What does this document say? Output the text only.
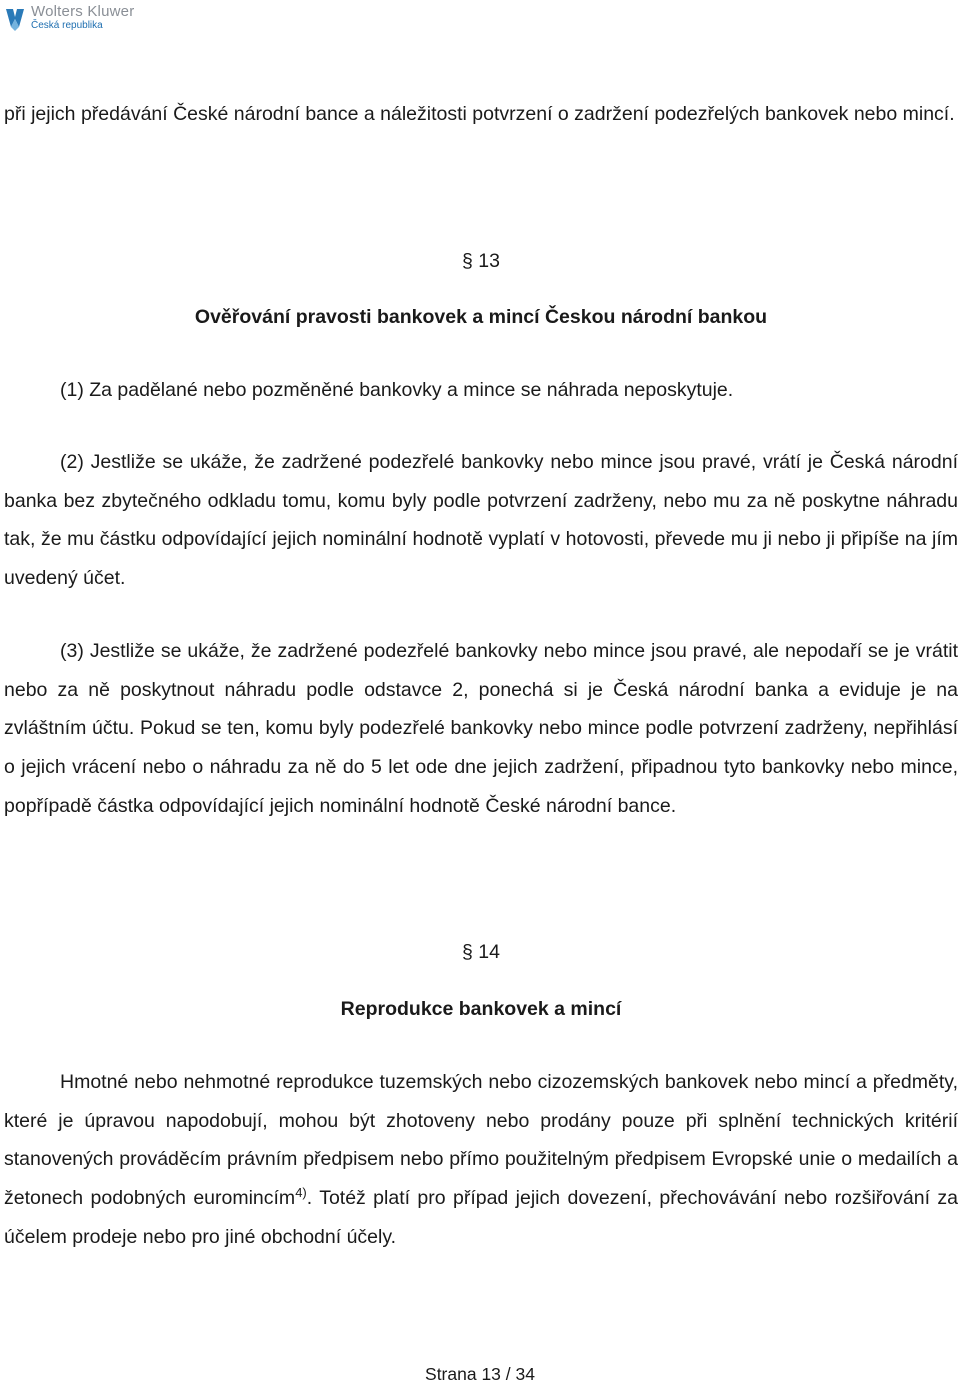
Wolters Kluwer
Česká republika

při jejich předávání České národní bance a náležitosti potvrzení o zadržení podezřelých bankovek nebo mincí.

§ 13

Ověřování pravosti bankovek a mincí Českou národní bankou

(1) Za padělané nebo pozměněné bankovky a mince se náhrada neposkytuje.

(2) Jestliže se ukáže, že zadržené podezřelé bankovky nebo mince jsou pravé, vrátí je Česká národní banka bez zbytečného odkladu tomu, komu byly podle potvrzení zadrženy, nebo mu za ně poskytne náhradu tak, že mu částku odpovídající jejich nominální hodnotě vyplatí v hotovosti, převede mu ji nebo ji připíše na jím uvedený účet.

(3) Jestliže se ukáže, že zadržené podezřelé bankovky nebo mince jsou pravé, ale nepodaří se je vrátit nebo za ně poskytnout náhradu podle odstavce 2, ponechá si je Česká národní banka a eviduje je na zvláštním účtu. Pokud se ten, komu byly podezřelé bankovky nebo mince podle potvrzení zadrženy, nepřihlásí o jejich vrácení nebo o náhradu za ně do 5 let ode dne jejich zadržení, připadnou tyto bankovky nebo mince, popřípadě částka odpovídající jejich nominální hodnotě České národní bance.

§ 14

Reprodukce bankovek a mincí

Hmotné nebo nehmotné reprodukce tuzemských nebo cizozemských bankovek nebo mincí a předměty, které je úpravou napodobují, mohou být zhotoveny nebo prodány pouze při splnění technických kritérií stanovených prováděcím právním předpisem nebo přímo použitelným předpisem Evropské unie o medailích a žetonech podobných euromincím$^{4)}$. Totéž platí pro případ jejich dovezení, přechovávání nebo rozšiřování za účelem prodeje nebo pro jiné obchodní účely.

Strana 13 / 34
